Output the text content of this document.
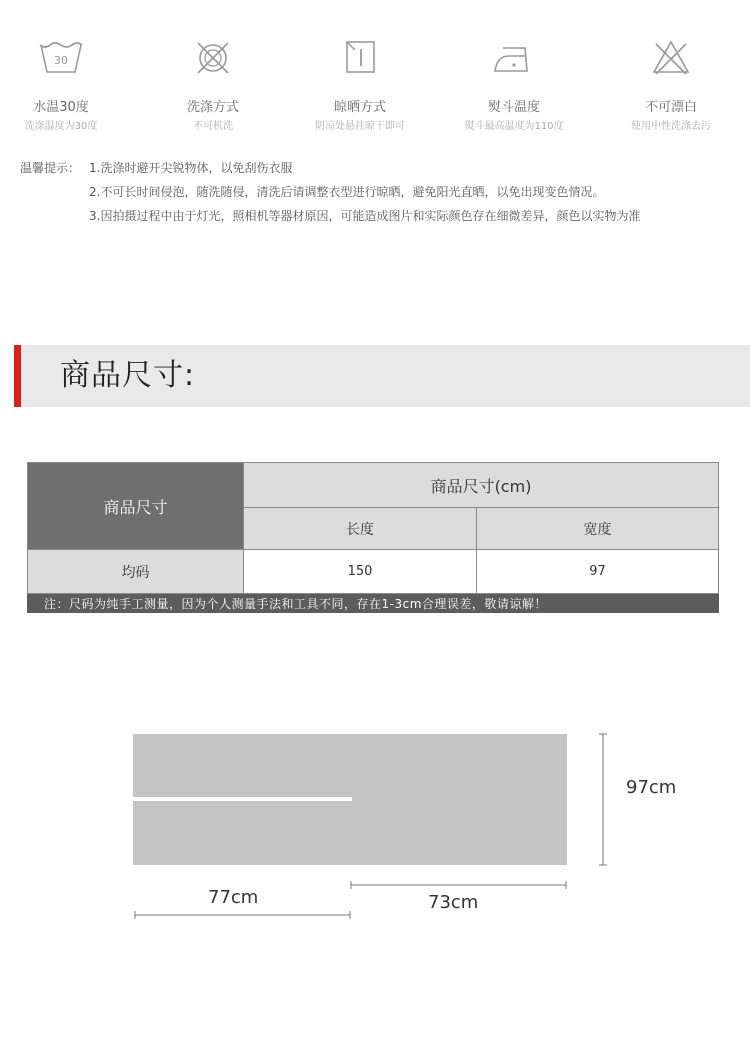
30
水温30度
洗涤温度为30度
洗涤方式
不可机洗
晾晒方式
阴凉处悬挂晾干即可
熨斗温度
熨斗最高温度为110度
不可漂白
使用中性洗涤去污
温馨提示： 1.洗涤时避开尖锐物体，以免刮伤衣服
2.不可长时间侵泡，随洗随侵，清洗后请调整衣型进行晾晒，避免阳光直晒，以免出现变色情况。
3.因拍摄过程中由于灯光，照相机等器材原因，可能造成图片和实际颜色存在细微差异，颜色以实物为准
商品尺寸:
商品尺寸	商品尺寸(cm)	
	长度	宽度
均码	150	97
注：尺码为纯手工测量，因为个人测量手法和工具不同，存在1-3cm合理误差，敬请谅解！		
97cm
77cm	73cm
